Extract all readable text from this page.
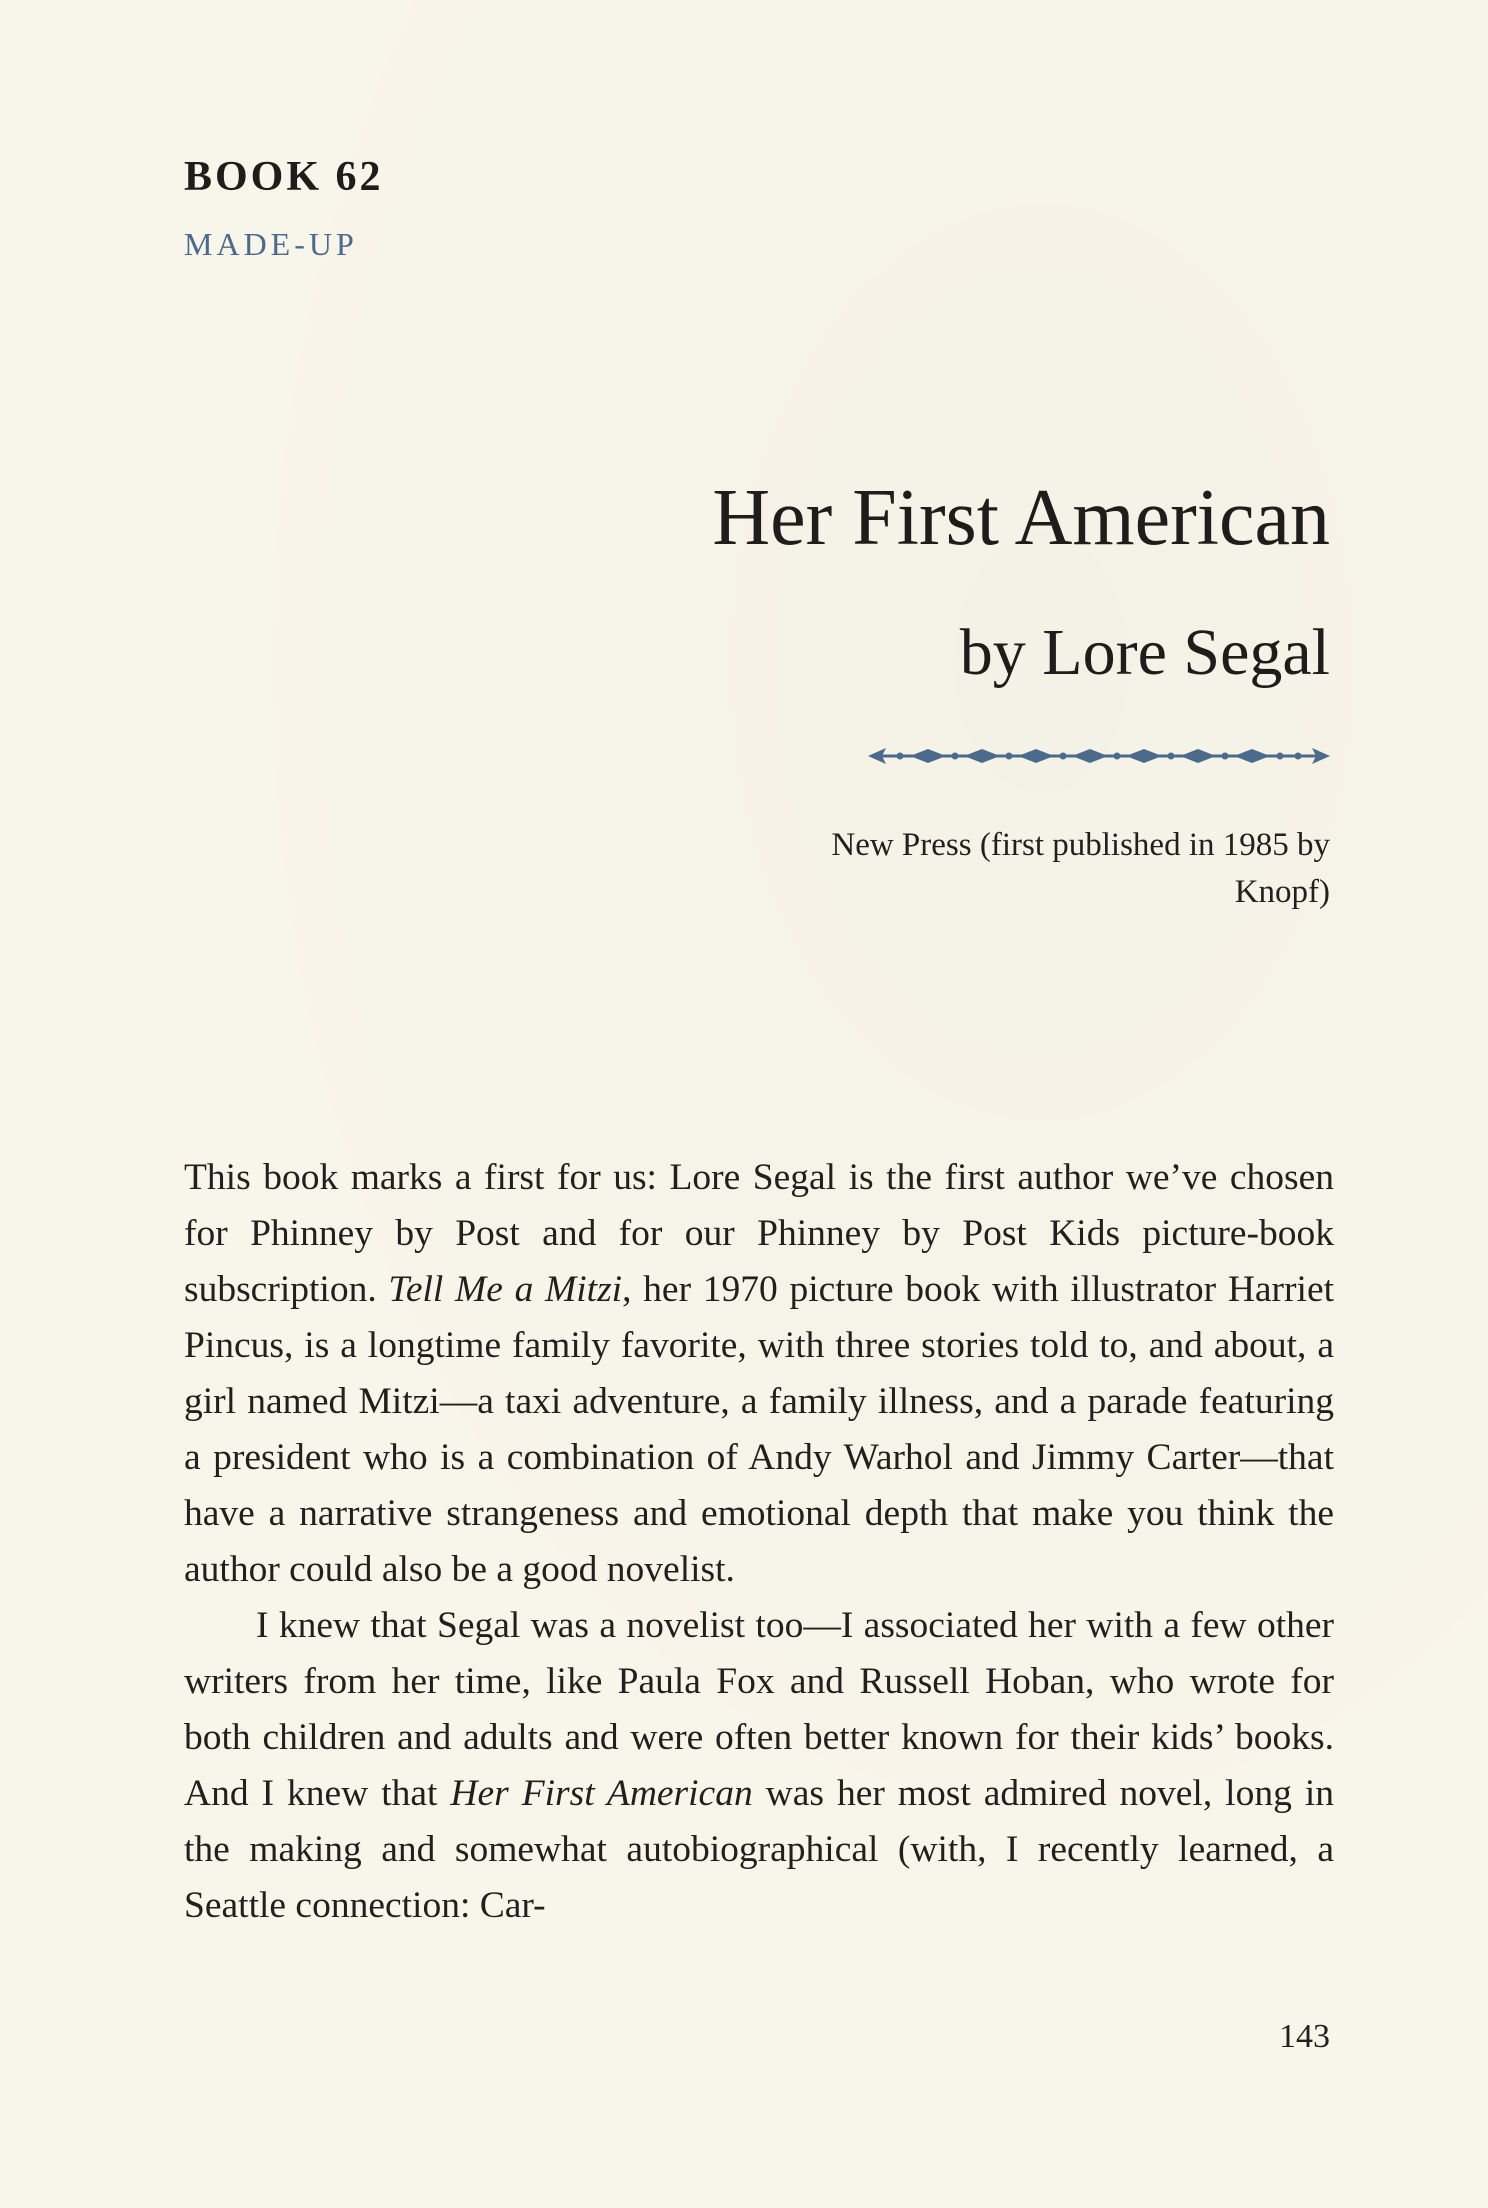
BOOK 62
MADE-UP
Her First American
by Lore Segal
New Press (first published in 1985 by Knopf)

This book marks a first for us: Lore Segal is the first author we’ve chosen for Phinney by Post and for our Phinney by Post Kids picture-book subscription. Tell Me a Mitzi, her 1970 picture book with illustrator Harriet Pincus, is a longtime family favorite, with three stories told to, and about, a girl named Mitzi—a taxi adventure, a family illness, and a parade featuring a president who is a combination of Andy Warhol and Jimmy Carter—that have a narrative strangeness and emotional depth that make you think the author could also be a good novelist.

I knew that Segal was a novelist too—I associated her with a few other writers from her time, like Paula Fox and Russell Hoban, who wrote for both children and adults and were often better known for their kids’ books. And I knew that Her First American was her most admired novel, long in the making and somewhat autobiographical (with, I recently learned, a Seattle connection: Car-

143
